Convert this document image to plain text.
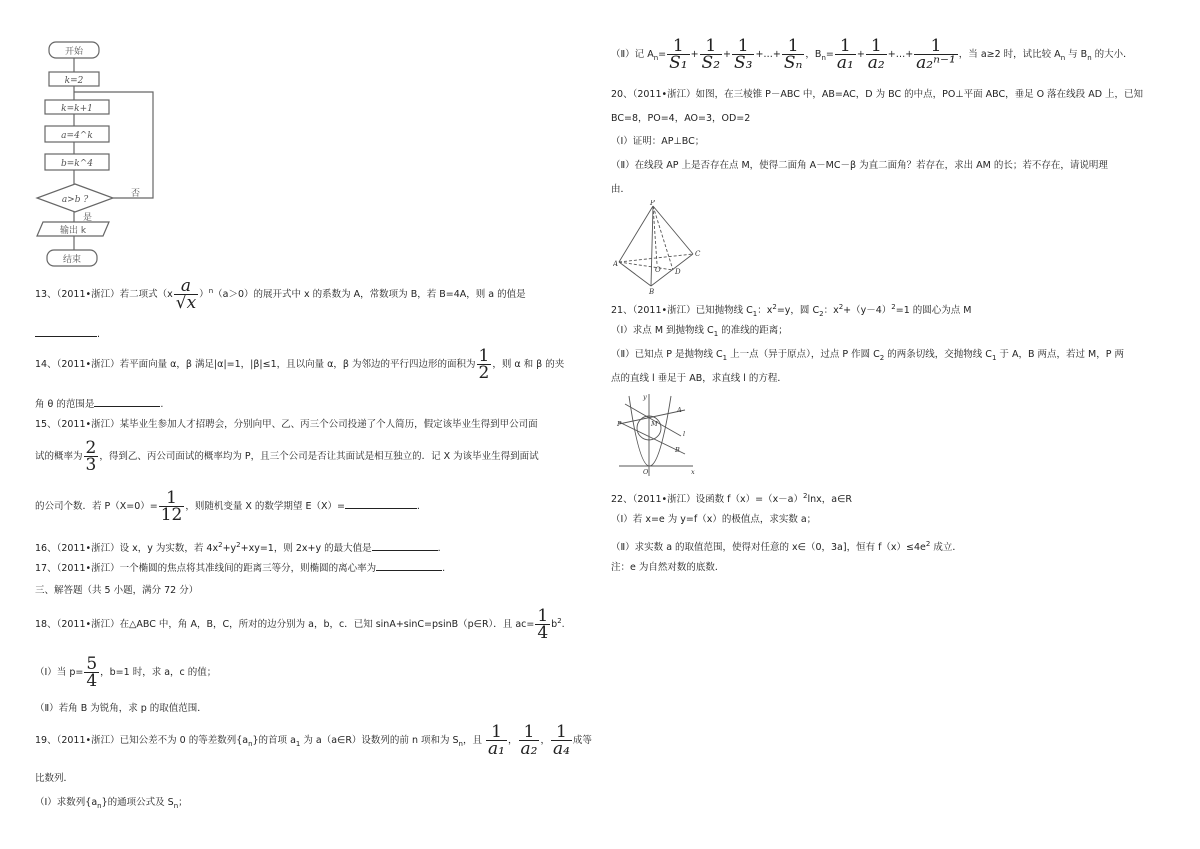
开始
k=2
k=k+1
a=4^k
b=k^4
a>b ?
否
是
输出 k
结束
13、（2011•浙江）若二项式$(x \frac{a}{√x} )^n(a>0)$的展开式中 x 的系数为 A，常数项为 B，若 B=4A，则 a 的值是
.
14、（2011•浙江）若平面向量 α，β 满足|α|=1，|β|≤1，且以向量 α，β 为邻边的平行四边形的面积为 $\frac{1}{2}$ ，则 α 和 β 的夹
角 θ 的范围是	.
15、（2011•浙江）某毕业生参加人才招聘会，分别向甲、乙、丙三个公司投递了个人简历，假定该毕业生得到甲公司面
试的概率为 $\frac{2}{3}$ ，得到乙、丙公司面试的概率均为 P，且三个公司是否让其面试是相互独立的．记 X 为该毕业生得到面试
的公司个数．若 $P(X=0)= \frac{1}{12}$ ，则随机变量 X 的数学期望 E（X）=	.
16、（2011•浙江）设 x，y 为实数，若 $4x^2+y^2+xy=1$，则 2x+y 的最大值是	.
17、（2011•浙江）一个椭圆的焦点将其准线间的距离三等分，则椭圆的离心率为	.
三、解答题（共 5 小题，满分 72 分）
18、（2011•浙江）在△ABC 中，角 A，B，C，所对的边分别为 a，b，c．已知 sinA+sinC=psinB（p∈R）．且 $ac= \frac{1}{4} b^2$.
（Ⅰ）当 $p= \frac{5}{4}$ ，b=1 时，求 a，c 的值；
（Ⅱ）若角 B 为锐角，求 p 的取值范围．
19、（2011•浙江）已知公差不为 0 的等差数列$\{a_n\}$的首项 $a_1$ 为 a（a∈R）设数列的前 n 项和为 $S_n$，且 $\frac{1}{\text{a₁}}$ ， $\frac{1}{\text{a₂}}$ ， $\frac{1}{\text{a₄}}$ 成等
比数列．
（Ⅰ）求数列$\{a_n\}$的通项公式及 $S_n$；
（Ⅱ）记 $A_n= \frac{1}{\text{S₁}} + \frac{1}{\text{S₂}} + \frac{1}{\text{S₃}}$ +…+ $\frac{1}{\text{Sₙ}}$ ，$B_n= \frac{1}{\text{a₁}} + \frac{1}{\text{a₂}}$ +…+ $\frac{1}{\text{a₂ⁿ⁻¹}}$ ，当 a≥2 时，试比较 $A_n$ 与 $B_n$ 的大小．
20、（2011•浙江）如图，在三棱锥 P－ABC 中，AB=AC，D 为 BC 的中点，PO⊥平面 ABC，垂足 O 落在线段 AD 上，已知
BC=8，PO=4，AO=3，OD=2
（Ⅰ）证明：AP⊥BC；
（Ⅱ）在线段 AP 上是否存在点 M，使得二面角 A－MC－β 为直二面角？若存在，求出 AM 的长；若不存在，请说明理
由．
P
A
B
C
D
O
21、（2011•浙江）已知抛物线 $C_1$：$x^2=y$，圆 $C_2$：$x^2+(y-4)^2=1$ 的圆心为点 M
（Ⅰ）求点 M 到抛物线 $C_1$ 的准线的距离；
（Ⅱ）已知点 P 是抛物线 $C_1$ 上一点（异于原点），过点 P 作圆 $C_2$ 的两条切线，交抛物线 $C_1$ 于 A，B 两点，若过 M，P 两
点的直线 l 垂足于 AB，求直线 l 的方程．
y
x
O
P
A
B
M
l
22、（2011•浙江）设函数 $f(x)=(x-a)^2\ln x$，a∈R
（Ⅰ）若 x=e 为 y=f（x）的极值点，求实数 a；
（Ⅱ）求实数 a 的取值范围，使得对任意的 x∈（0，3a]，恒有 $f(x)\le 4e^2$ 成立．
注：e 为自然对数的底数．
